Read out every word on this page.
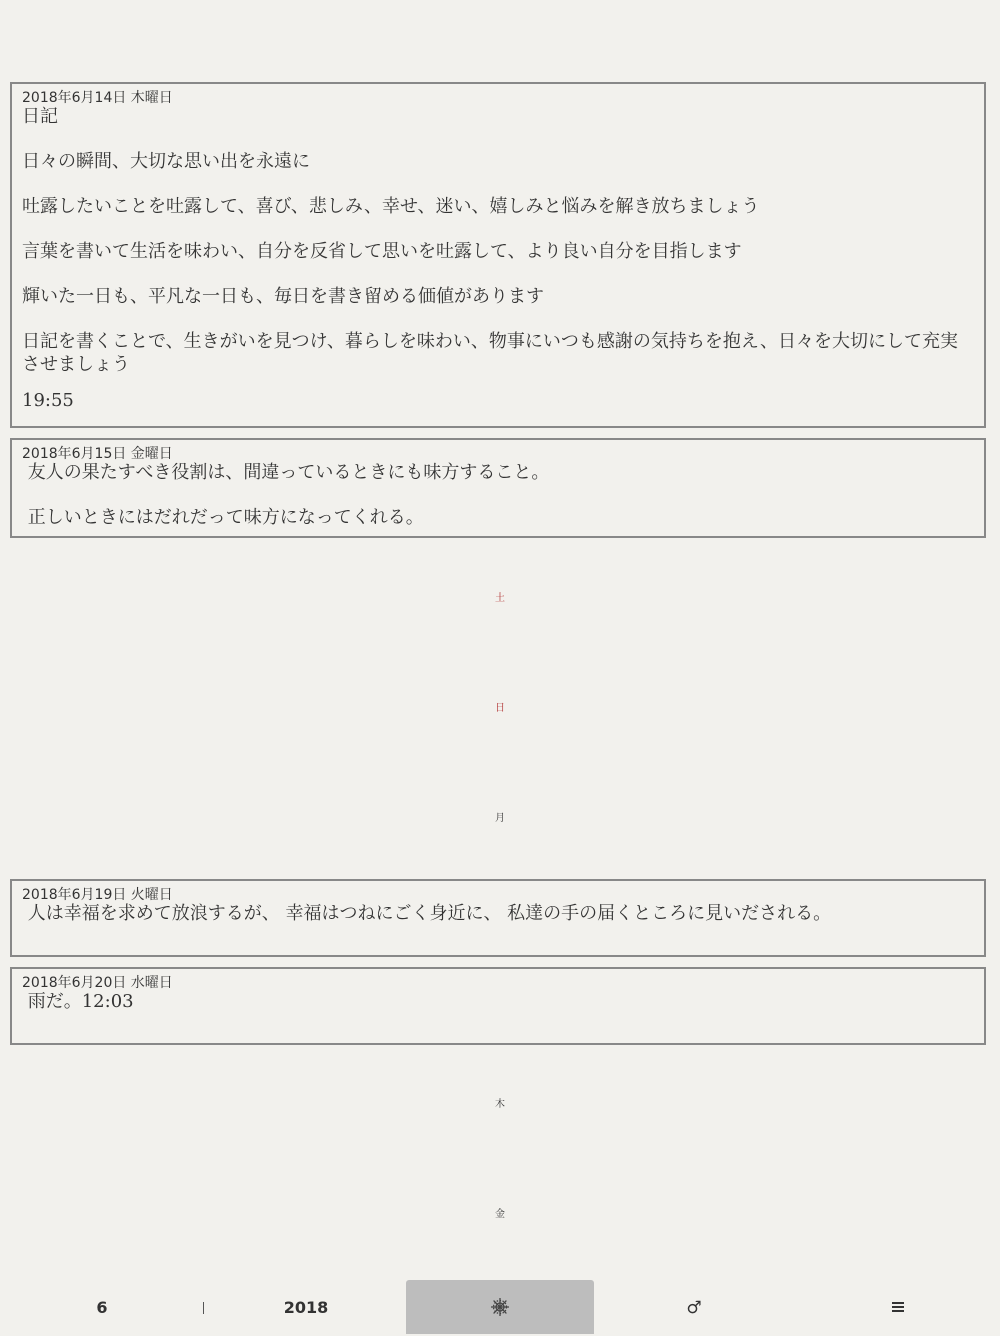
2018年6月14日 木曜日
日記

日々の瞬間、大切な思い出を永遠に

吐露したいことを吐露して、喜び、悲しみ、幸せ、迷い、嬉しみと悩みを解き放ちましょう

言葉を書いて生活を味わい、自分を反省して思いを吐露して、より良い自分を目指します

輝いた一日も、平凡な一日も、毎日を書き留める価値があります

日記を書くことで、生きがいを見つけ、暮らしを味わい、物事にいつも感謝の気持ちを抱え、日々を大切にして充実させましょう
19:55
2018年6月15日 金曜日
友人の果たすべき役割は、間違っているときにも味方すること。

正しいときにはだれだって味方になってくれる。
土
日
月
2018年6月19日 火曜日
人は幸福を求めて放浪するが、 幸福はつねにごく身近に、 私達の手の届くところに見いだされる。
2018年6月20日 水曜日
雨だ。12:03
木
金
6	2018	♂
